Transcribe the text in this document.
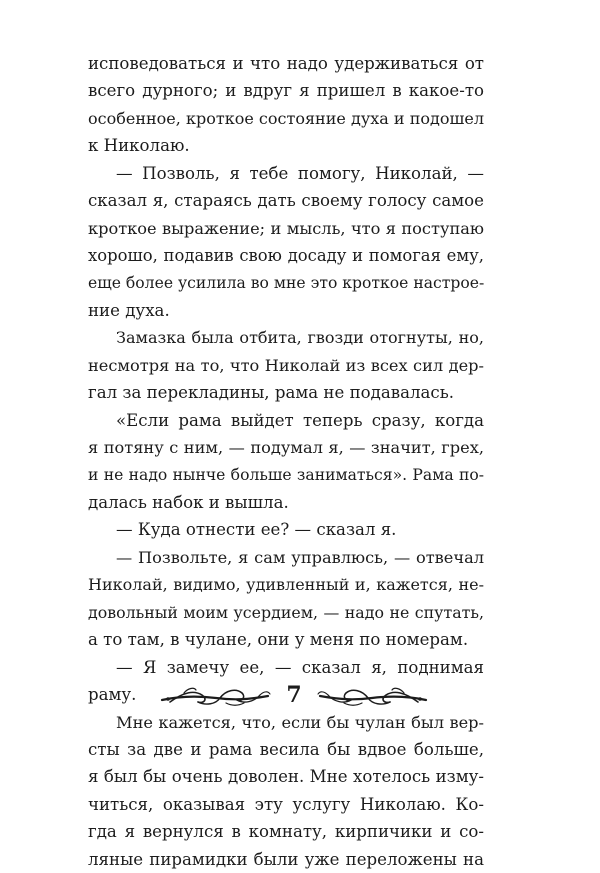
исповедоваться и что надо удерживаться от
всего дурного; и вдруг я пришел в какое-то
особенное, кроткое состояние духа и подошел
к Николаю.
— Позволь, я тебе помогу, Николай, —
сказал я, стараясь дать своему голосу самое
кроткое выражение; и мысль, что я поступаю
хорошо, подавив свою досаду и помогая ему,
еще более усилила во мне это кроткое настрое-
ние духа.
Замазка была отбита, гвозди отогнуты, но,
несмотря на то, что Николай из всех сил дер-
гал за перекладины, рама не подавалась.
«Если рама выйдет теперь сразу, когда
я потяну с ним, — подумал я, — значит, грех,
и не надо нынче больше заниматься». Рама по-
далась набок и вышла.
— Куда отнести ее? — сказал я.
— Позвольте, я сам управлюсь, — отвечал
Николай, видимо, удивленный и, кажется, не-
довольный моим усердием, — надо не спутать,
а то там, в чулане, они у меня по номерам.
— Я замечу ее, — сказал я, поднимая
раму.
Мне кажется, что, если бы чулан был вер-
сты за две и рама весила бы вдвое больше,
я был бы очень доволен. Мне хотелось изму-
читься, оказывая эту услугу Николаю. Ко-
гда я вернулся в комнату, кирпичики и со-
ляные пирамидки были уже переложены на
7
